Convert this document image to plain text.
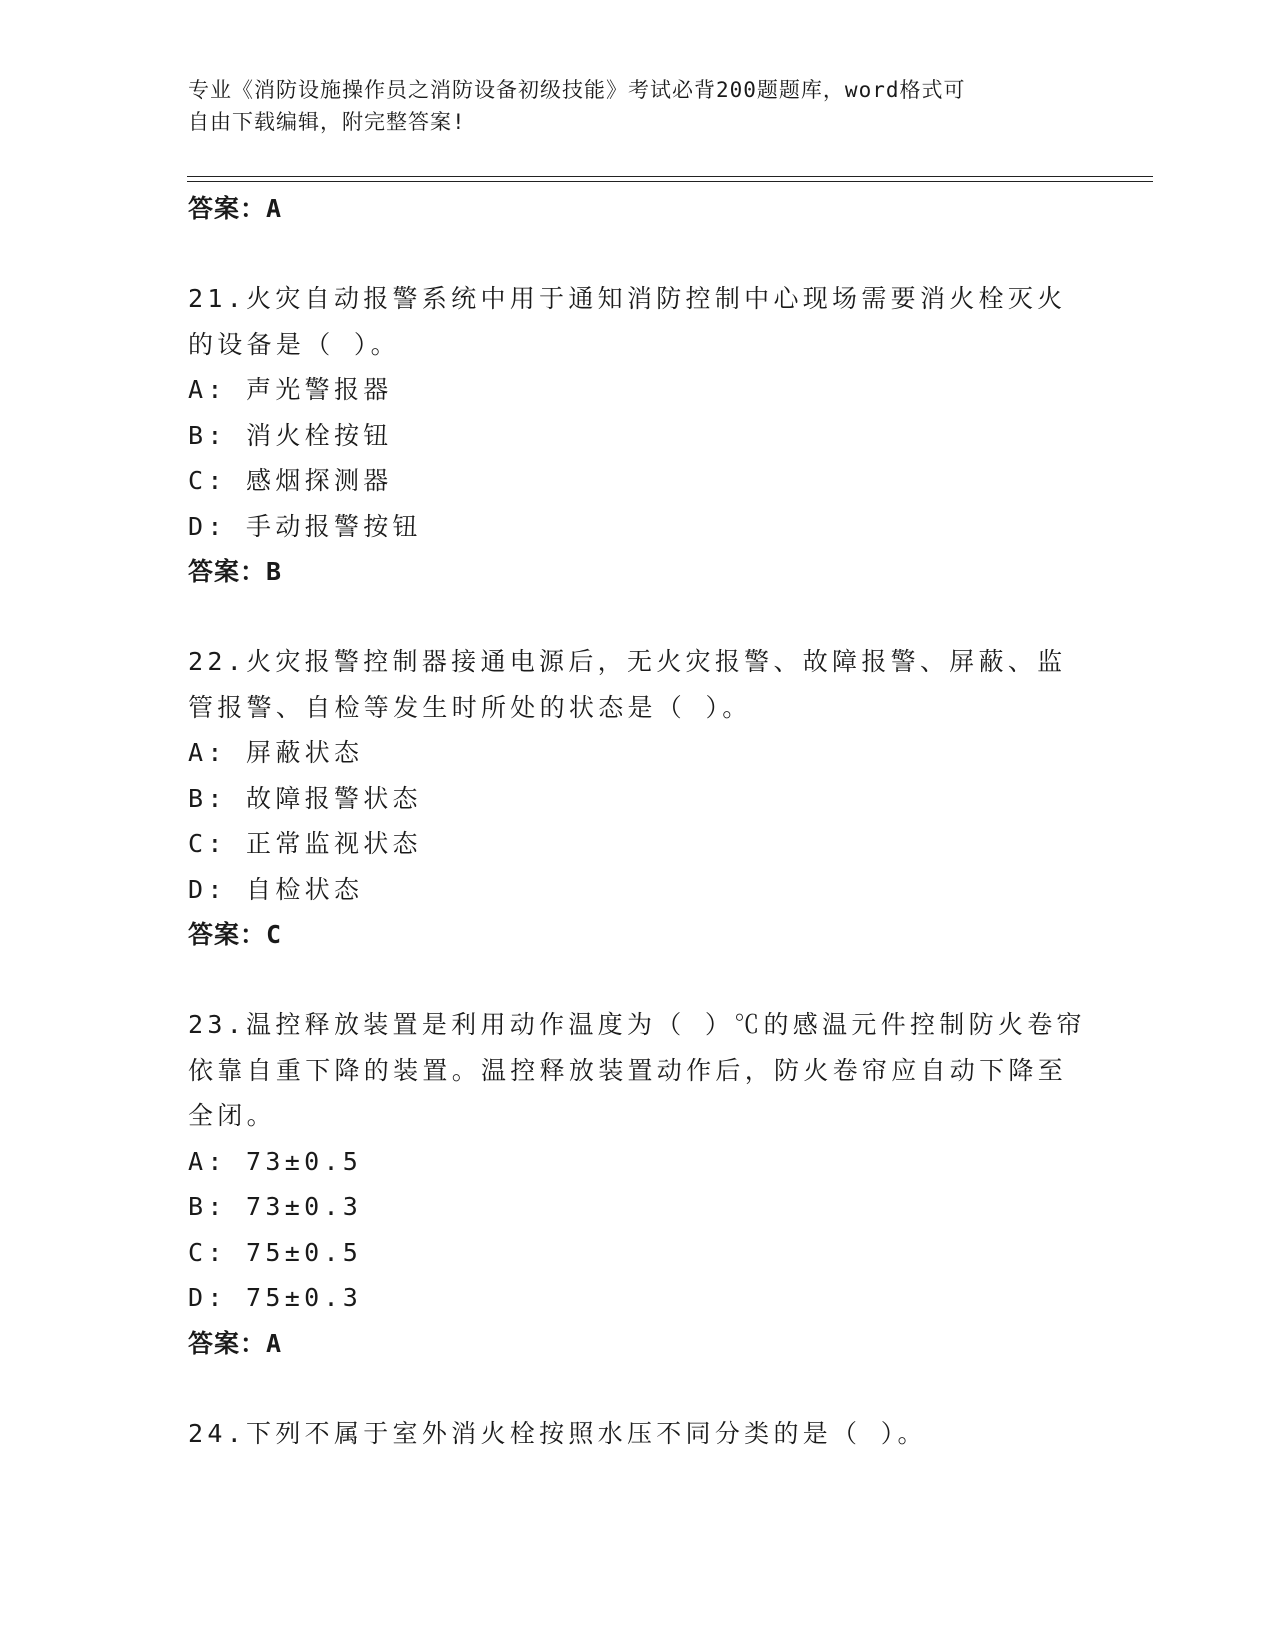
专业《消防设施操作员之消防设备初级技能》考试必背200题题库，word格式可
自由下载编辑，附完整答案!
答案：A
21.火灾自动报警系统中用于通知消防控制中心现场需要消火栓灭火的设备是（ ）。
A: 声光警报器
B: 消火栓按钮
C: 感烟探测器
D: 手动报警按钮
答案：B
22.火灾报警控制器接通电源后，无火灾报警、故障报警、屏蔽、监管报警、自检等发生时所处的状态是（ ）。
A: 屏蔽状态
B: 故障报警状态
C: 正常监视状态
D: 自检状态
答案：C
23.温控释放装置是利用动作温度为（ ）℃的感温元件控制防火卷帘依靠自重下降的装置。温控释放装置动作后，防火卷帘应自动下降至全闭。
A: 73±0.5
B: 73±0.3
C: 75±0.5
D: 75±0.3
答案：A
24.下列不属于室外消火栓按照水压不同分类的是（ ）。
